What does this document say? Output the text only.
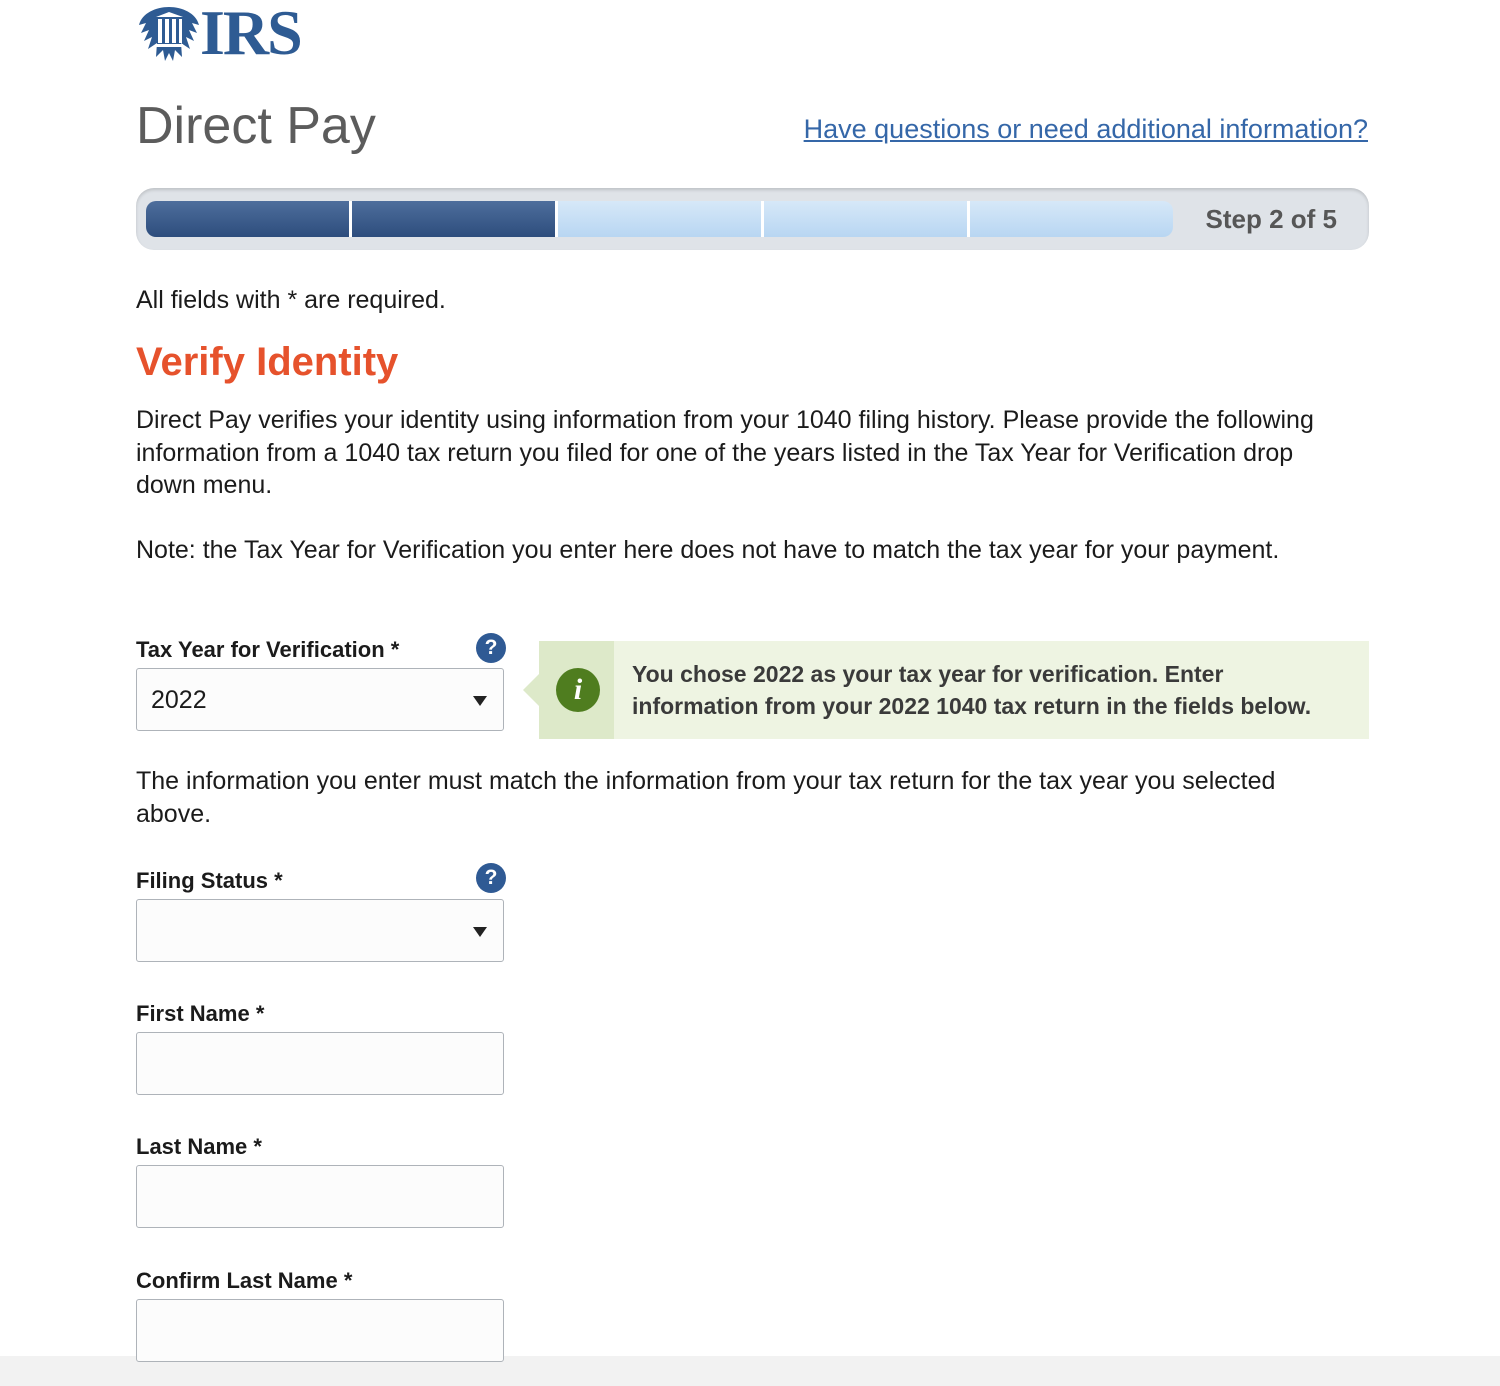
IRS
Direct Pay	Have questions or need additional information?
Step 2 of 5
All fields with * are required.
Verify Identity

Direct Pay verifies your identity using information from your 1040 filing history. Please provide the following information from a 1040 tax return you filed for one of the years listed in the Tax Year for Verification drop down menu.

Note: the Tax Year for Verification you enter here does not have to match the tax year for your payment.

Tax Year for Verification *	?
2022	i	You chose 2022 as your tax year for verification. Enter information from your 2022 1040 tax return in the fields below.

The information you enter must match the information from your tax return for the tax year you selected above.

Filing Status *	?
First Name *
Last Name *
Confirm Last Name *
